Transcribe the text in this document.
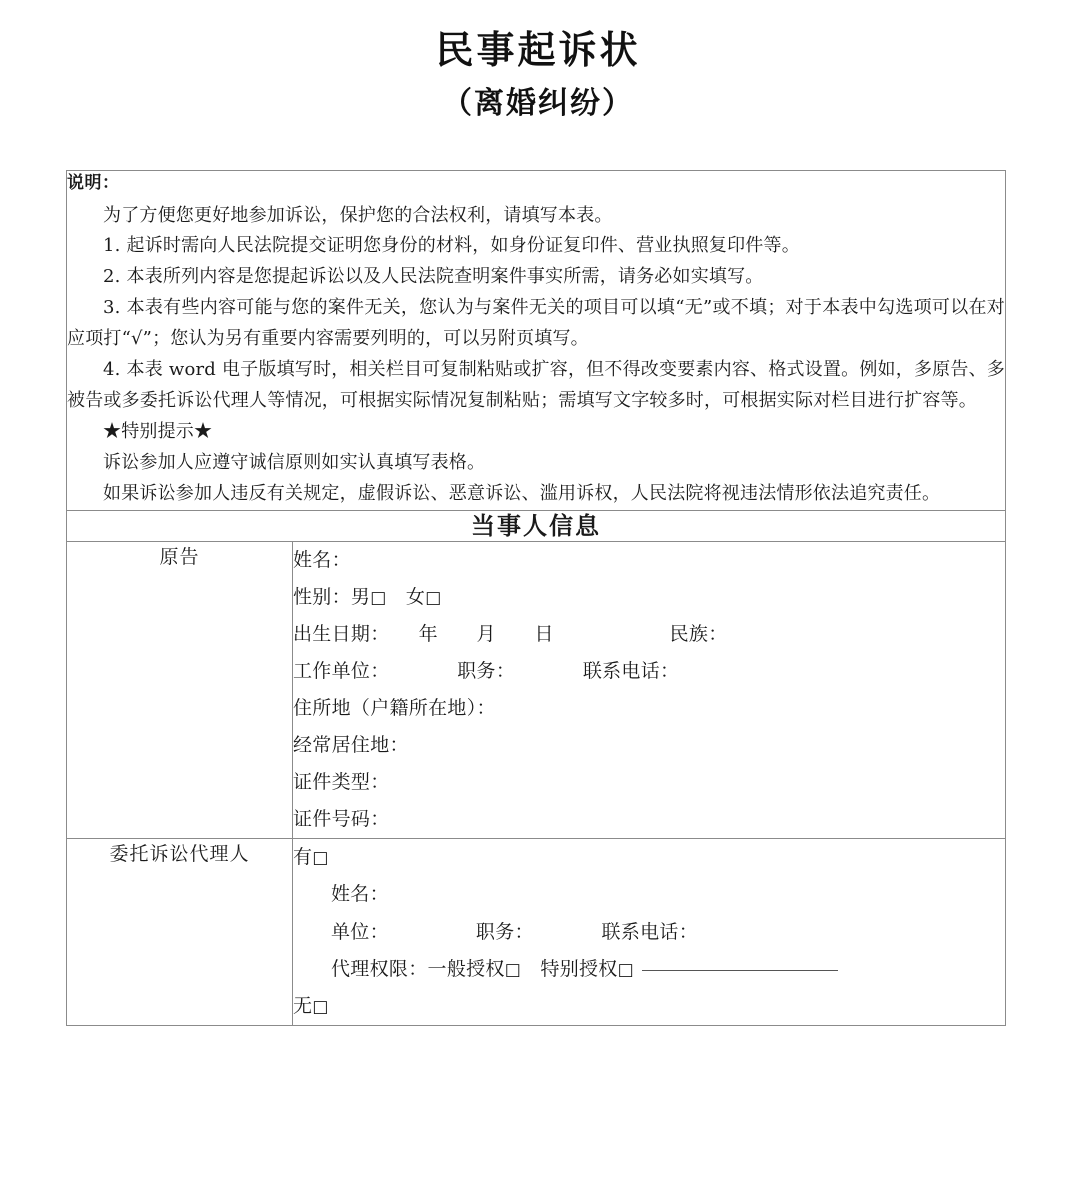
民事起诉状
（离婚纠纷）
说明：

为了方便您更好地参加诉讼，保护您的合法权利，请填写本表。

1. 起诉时需向人民法院提交证明您身份的材料，如身份证复印件、营业执照复印件等。

2. 本表所列内容是您提起诉讼以及人民法院查明案件事实所需，请务必如实填写。

3. 本表有些内容可能与您的案件无关，您认为与案件无关的项目可以填“无”或不填；对于本表中勾选项可以在对应项打“√”；您认为另有重要内容需要列明的，可以另附页填写。

4. 本表 word 电子版填写时，相关栏目可复制粘贴或扩容，但不得改变要素内容、格式设置。例如，多原告、多被告或多委托诉讼代理人等情况，可根据实际情况复制粘贴；需填写文字较多时，可根据实际对栏目进行扩容等。

★特别提示★

诉讼参加人应遵守诚信原则如实认真填写表格。

如果诉讼参加人违反有关规定，虚假诉讼、恶意诉讼、滥用诉权，人民法院将视违法情形依法追究责任。

当事人信息	
原告	姓名：
性别：男□　 女□
出生日期：　　 年　　 月　　 日　　　　　　	民族：
工作单位：　　　　	职务：　　　　	联系电话：
住所地（户籍所在地）：
经常居住地：
证件类型：
证件号码：

委托诉讼代理人	有□
姓名：
单位：　　　　　 职务：　　　　 联系电话：
代理权限：一般授权□　 特别授权□
无□
